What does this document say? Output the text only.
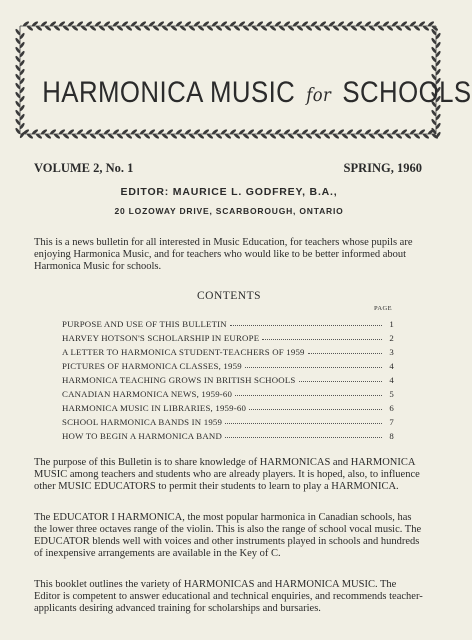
HARMONICA MUSIC for SCHOOLS
VOLUME 2, No. 1	SPRING, 1960
EDITOR: MAURICE L. GODFREY, B.A.,
20 LOZOWAY DRIVE, SCARBOROUGH, ONTARIO
This is a news bulletin for all interested in Music Education, for teachers whose pupils are enjoying Harmonica Music, and for teachers who would like to be better informed about Harmonica Music for schools.
CONTENTS
PAGE
PURPOSE AND USE OF THIS BULLETIN	1
HARVEY HOTSON'S SCHOLARSHIP IN EUROPE	2
A LETTER TO HARMONICA STUDENT-TEACHERS OF 1959	3
PICTURES OF HARMONICA CLASSES, 1959	4
HARMONICA TEACHING GROWS IN BRITISH SCHOOLS	4
CANADIAN HARMONICA NEWS, 1959-60	5
HARMONICA MUSIC IN LIBRARIES, 1959-60	6
SCHOOL HARMONICA BANDS IN 1959	7
HOW TO BEGIN A HARMONICA BAND	8
The purpose of this Bulletin is to share knowledge of HARMONICAS and HARMONICA MUSIC among teachers and students who are already players. It is hoped, also, to influence other MUSIC EDUCATORS to permit their students to learn to play a HARMONICA.
The EDUCATOR I HARMONICA, the most popular harmonica in Canadian schools, has the lower three octaves range of the violin. This is also the range of school vocal music. The EDUCATOR blends well with voices and other instruments played in schools and hundreds of inexpensive arrangements are available in the Key of C.
This booklet outlines the variety of HARMONICAS and HARMONICA MUSIC. The Editor is competent to answer educational and technical enquiries, and recommends teacher-applicants desiring advanced training for scholarships and bursaries.
